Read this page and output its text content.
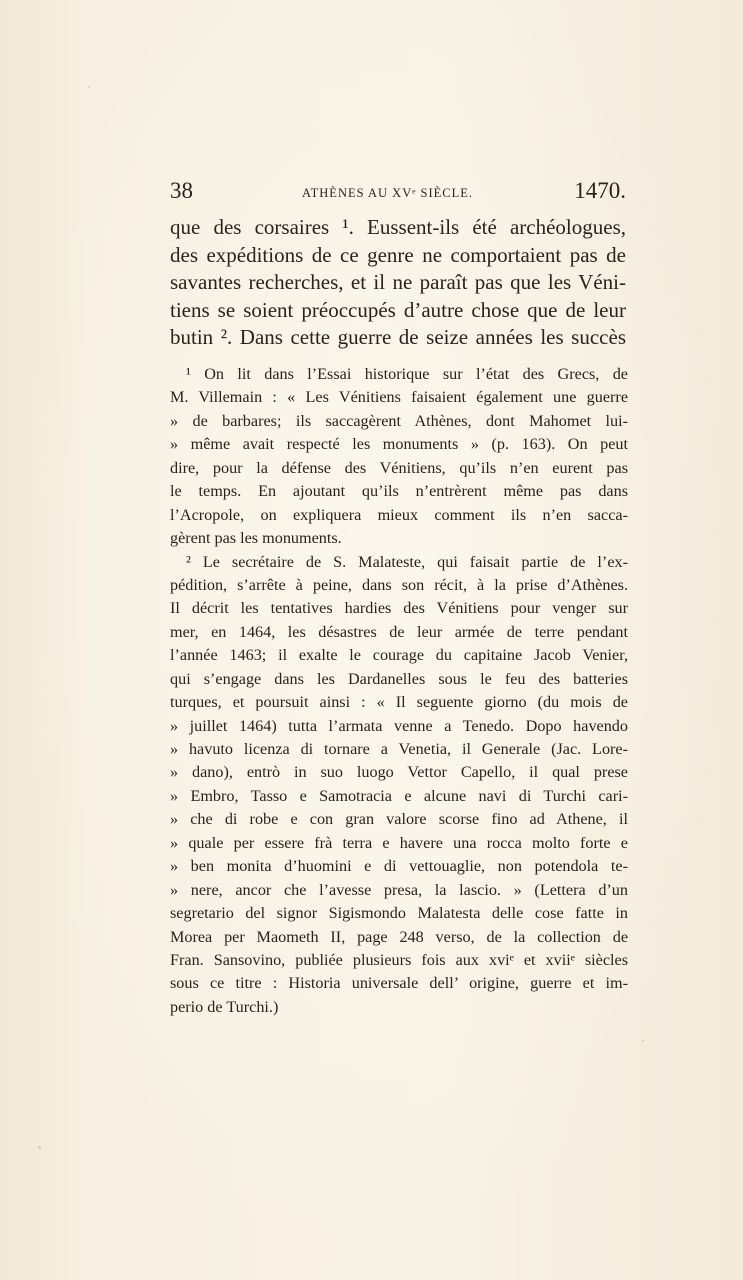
38	ATHÈNES AU XVᵉ SIÈCLE.	1470.
que des corsaires ¹. Eussent-ils été archéologues,
des expéditions de ce genre ne comportaient pas de
savantes recherches, et il ne paraît pas que les Véni-
tiens se soient préoccupés d’autre chose que de leur
butin ². Dans cette guerre de seize années les succès
¹ On lit dans l’Essai historique sur l’état des Grecs, de
M. Villemain : « Les Vénitiens faisaient également une guerre
» de barbares; ils saccagèrent Athènes, dont Mahomet lui-
» même avait respecté les monuments » (p. 163). On peut
dire, pour la défense des Vénitiens, qu’ils n’en eurent pas
le temps. En ajoutant qu’ils n’entrèrent même pas dans
l’Acropole, on expliquera mieux comment ils n’en sacca-
gèrent pas les monuments.
² Le secrétaire de S. Malateste, qui faisait partie de l’ex-
pédition, s’arrête à peine, dans son récit, à la prise d’Athènes.
Il décrit les tentatives hardies des Vénitiens pour venger sur
mer, en 1464, les désastres de leur armée de terre pendant
l’année 1463; il exalte le courage du capitaine Jacob Venier,
qui s’engage dans les Dardanelles sous le feu des batteries
turques, et poursuit ainsi : « Il seguente giorno (du mois de
» juillet 1464) tutta l’armata venne a Tenedo. Dopo havendo
» havuto licenza di tornare a Venetia, il Generale (Jac. Lore-
» dano), entrò in suo luogo Vettor Capello, il qual prese
» Embro, Tasso e Samotracia e alcune navi di Turchi cari-
» che di robe e con gran valore scorse fino ad Athene, il
» quale per essere frà terra e havere una rocca molto forte e
» ben monita d’huomini e di vettouaglie, non potendola te-
» nere, ancor che l’avesse presa, la lascio. » (Lettera d’un
segretario del signor Sigismondo Malatesta delle cose fatte in
Morea per Maometh II, page 248 verso, de la collection de
Fran. Sansovino, publiée plusieurs fois aux xviᵉ et xviiᵉ siècles
sous ce titre : Historia universale dell’ origine, guerre et im-
perio de Turchi.)
